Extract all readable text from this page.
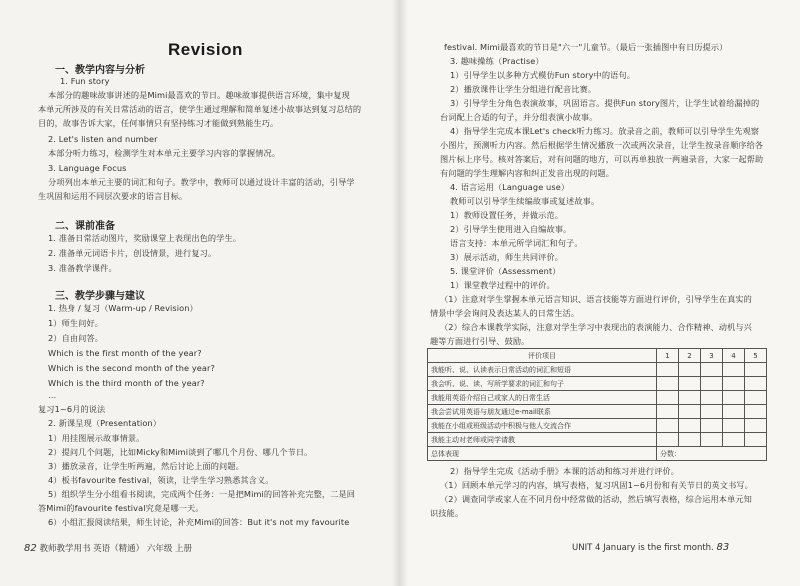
Revision
一、教学内容与分析
1. Fun story
本部分的趣味故事讲述的是Mimi最喜欢的节日。趣味故事提供语言环境，集中复现
本单元所涉及的有关日常活动的语言，使学生通过理解和简单复述小故事达到复习总结的
目的，故事告诉大家，任何事情只有坚持练习才能做到熟能生巧。
2. Let's listen and number
本部分听力练习，检测学生对本单元主要学习内容的掌握情况。
3. Language Focus
分项列出本单元主要的词汇和句子。教学中，教师可以通过设计丰富的活动，引导学
生巩固和运用不同层次要求的语言目标。
二、课前准备
1. 准备日常活动图片，奖励课堂上表现出色的学生。
2. 准备单元词语卡片，创设情景，进行复习。
3. 准备教学课件。
三、教学步骤与建议
1. 热身 / 复习（Warm-up / Revision）
1）师生问好。
2）自由问答。
Which is the first month of the year?
Which is the second month of the year?
Which is the third month of the year?
…
复习1~6月的说法
2. 新课呈现（Presentation）
1）用挂图展示故事情景。
2）提问几个问题，比如Micky和Mimi谈到了哪几个月份、哪几个节日。
3）播放录音，让学生听两遍，然后讨论上面的问题。
4）板书favourite festival，领读，让学生学习熟悉其含义。
5）组织学生分小组看书阅读，完成两个任务：一是把Mimi的回答补充完整，二是回
答Mimi的favourite festival究竟是哪一天。
6）小组汇报阅读结果，师生讨论，补充Mimi的回答：But it's not my favourite
82 教师教学用书 英语（精通） 六年级 上册
festival. Mimi最喜欢的节日是"六一"儿童节。（最后一张插图中有日历提示）
3. 趣味操练（Practise）
1）引导学生以多种方式模仿Fun story中的语句。
2）播放课件让学生分组进行配音比赛。
3）引导学生分角色表演故事，巩固语言。提供Fun story图片，让学生试着给漏掉的
台词配上合适的句子，并分组表演小故事。
4）指导学生完成本课Let's check听力练习。放录音之前，教师可以引导学生先观察
小图片，预测听力内容。然后根据学生情况播放一次或两次录音，让学生按录音顺序给各
图片标上序号。核对答案后，对有问题的地方，可以再单独放一两遍录音，大家一起帮助
有问题的学生理解内容和纠正发音出现的问题。
4. 语言运用（Language use）
教师可以引导学生续编故事或复述故事。
1）教师设置任务，并做示范。
2）引导学生使用进入自编故事。
语言支持：本单元所学词汇和句子。
3）展示活动，师生共同评价。
5. 课堂评价（Assessment）
1）课堂教学过程中的评价。
（1）注意对学生掌握本单元语言知识、语言技能等方面进行评价，引导学生在真实的
情景中学会询问及表达某人的日常生活。
（2）综合本课教学实际，注意对学生学习中表现出的表演能力、合作精神、动机与兴
趣等方面进行引导、鼓励。
2）指导学生完成《活动手册》本课的活动和练习并进行评价。
（1）回顾本单元学习的内容，填写表格，复习巩固1~6月份和有关节日的英文书写。
（2）调查同学或家人在不同月份中经常做的活动，然后填写表格，综合运用本单元知
识技能。
UNIT 4 January is the first month. 83
评价项目	1	2	3	4	5
我能听、说、认读表示日常活动的词汇和短语					
我会听、说、读、写所学要求的词汇和句子					
我能用英语介绍自己或家人的日常生活					
我会尝试用英语与朋友通过e-mail联系					
我能在小组或班级活动中积极与他人交流合作					
我能主动对老师或同学请教					
总体表现	分数：				
